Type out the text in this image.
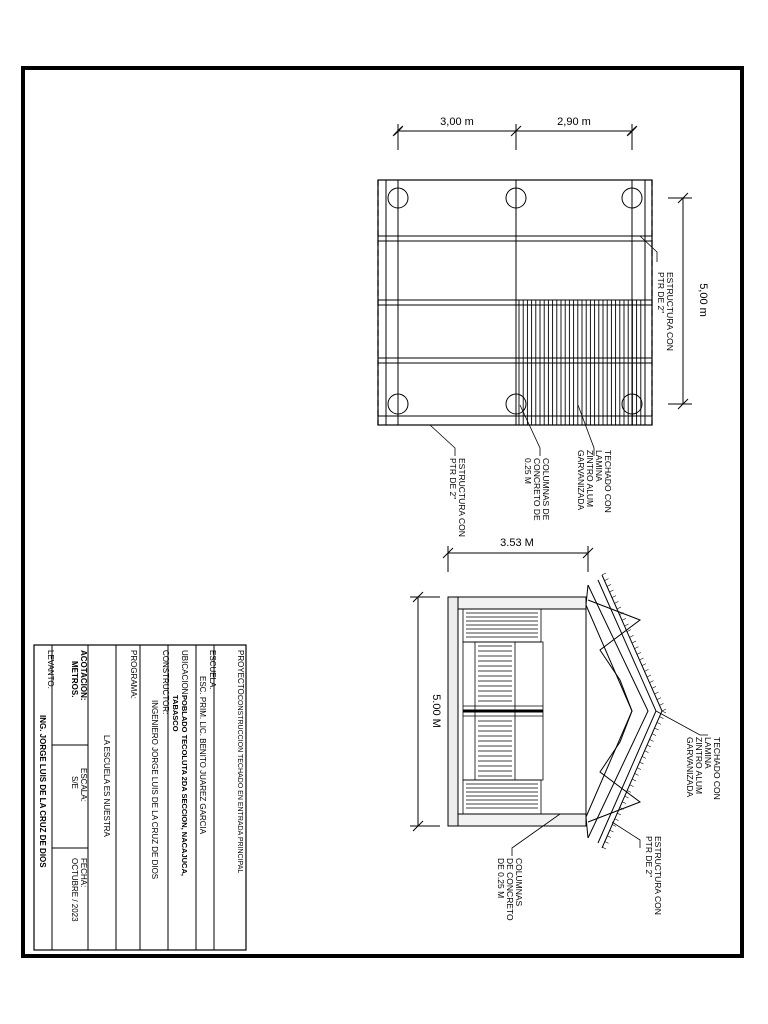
3,00 m	2,90 m
5,00 m
ESTRUCTURA CON
PTR DE 2"
ESTRUCTURA CON
PTR DE 2"	COLUMNAS DE
CONCRETO DE
0.25 M	TECHADO CON
LAMINA
ZINTRO ALUM
GARVANIZADA
3.53 M
5.00 M
TECHADO CON
LAMINA
ZINTRO ALUM
GARVANIZADA
ESTRUCTURA CON
PTR DE 2"
COLUMNAS
DE CONCRETO
DE 0.25 M
PROYECTO:
CONSTRUCCION TECHADO EN ENTRADA PRINCIPAL
ESCUELA:
ESC. PRIM. LIC. BENITO JUAREZ GARCIA
UBICACION:
POBLADO TECOLUTA 2DA SECCION, NACAJUCA,
TABASCO
CONSTRUCTOR:
INGENIERO JORGE LUIS DE LA CRUZ DE DIOS
PROGRAMA:
LA ESCUELA ES NUESTRA
ACOTACION:
METROS.
ESCALA:
S/E
FECHA:
OCTUBRE / 2023
LEVANTO:
ING. JORGE LUIS DE LA CRUZ DE DIOS
